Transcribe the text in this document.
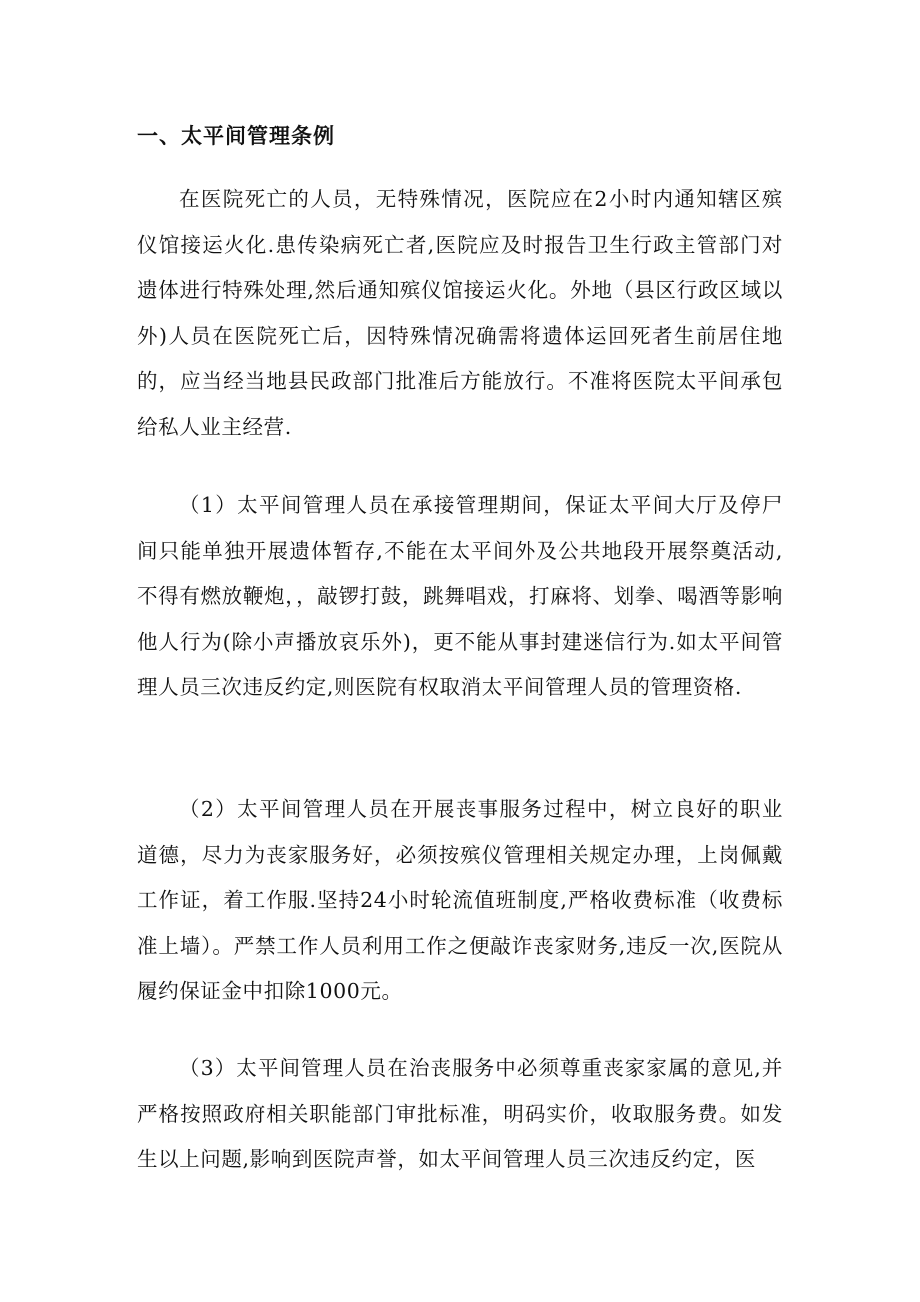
一、太平间管理条例

在医院死亡的人员，无特殊情况，医院应在2小时内通知辖区殡仪馆接运火化.患传染病死亡者,医院应及时报告卫生行政主管部门对遗体进行特殊处理,然后通知殡仪馆接运火化。外地（县区行政区域以外)人员在医院死亡后，因特殊情况确需将遗体运回死者生前居住地的，应当经当地县民政部门批准后方能放行。不准将医院太平间承包给私人业主经营.

（1）太平间管理人员在承接管理期间，保证太平间大厅及停尸间只能单独开展遗体暂存,不能在太平间外及公共地段开展祭奠活动,不得有燃放鞭炮，，敲锣打鼓，跳舞唱戏，打麻将、划拳、喝酒等影响他人行为(除小声播放哀乐外)，更不能从事封建迷信行为.如太平间管理人员三次违反约定,则医院有权取消太平间管理人员的管理资格.

（2）太平间管理人员在开展丧事服务过程中，树立良好的职业道德，尽力为丧家服务好，必须按殡仪管理相关规定办理，上岗佩戴工作证，着工作服.坚持24小时轮流值班制度,严格收费标准（收费标准上墙）。严禁工作人员利用工作之便敲诈丧家财务,违反一次,医院从履约保证金中扣除1000元。

（3）太平间管理人员在治丧服务中必须尊重丧家家属的意见,并严格按照政府相关职能部门审批标准，明码实价，收取服务费。如发生以上问题,影响到医院声誉，如太平间管理人员三次违反约定，医
